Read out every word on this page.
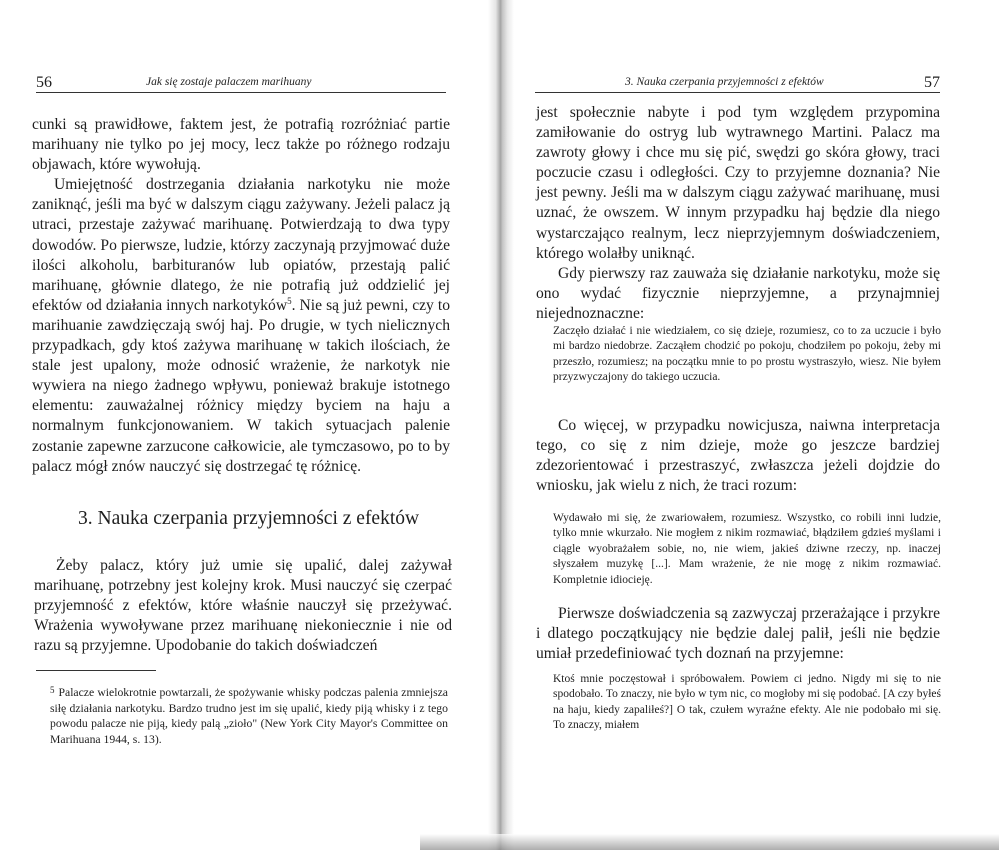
56	Jak się zostaje palaczem marihuany

cunki są prawidłowe, faktem jest, że potrafią rozróżniać partie marihuany nie tylko po jej mocy, lecz także po różnego rodzaju objawach, które wywołują.

Umiejętność dostrzegania działania narkotyku nie może zaniknąć, jeśli ma być w dalszym ciągu zażywany. Jeżeli palacz ją utraci, przestaje zażywać marihuanę. Potwierdzają to dwa typy dowodów. Po pierwsze, ludzie, którzy zaczynają przyjmować duże ilości alkoholu, barbituranów lub opiatów, przestają palić marihuanę, głównie dlatego, że nie potrafią już oddzielić jej efektów od działania innych narkotyków$^5$. Nie są już pewni, czy to marihuanie zawdzięczają swój haj. Po drugie, w tych nielicznych przypadkach, gdy ktoś zażywa marihuanę w takich ilościach, że stale jest upalony, może odnosić wrażenie, że narkotyk nie wywiera na niego żadnego wpływu, ponieważ brakuje istotnego elementu: zauważalnej różnicy między byciem na haju a normalnym funkcjonowaniem. W takich sytuacjach palenie zostanie zapewne zarzucone całkowicie, ale tymczasowo, po to by palacz mógł znów nauczyć się dostrzegać tę różnicę.

3. Nauka czerpania przyjemności z efektów

Żeby palacz, który już umie się upalić, dalej zażywał marihuanę, potrzebny jest kolejny krok. Musi nauczyć się czerpać przyjemność z efektów, które właśnie nauczył się przeżywać. Wrażenia wywoływane przez marihuanę niekoniecznie i nie od razu są przyjemne. Upodobanie do takich doświadczeń

$^5$ Palacze wielokrotnie powtarzali, że spożywanie whisky podczas palenia zmniejsza siłę działania narkotyku. Bardzo trudno jest im się upalić, kiedy piją whisky i z tego powodu palacze nie piją, kiedy palą „zioło" (New York City Mayor's Committee on Marihuana 1944, s. 13).

3. Nauka czerpania przyjemności z efektów	57

jest społecznie nabyte i pod tym względem przypomina zamiłowanie do ostryg lub wytrawnego Martini. Palacz ma zawroty głowy i chce mu się pić, swędzi go skóra głowy, traci poczucie czasu i odległości. Czy to przyjemne doznania? Nie jest pewny. Jeśli ma w dalszym ciągu zażywać marihuanę, musi uznać, że owszem. W innym przypadku haj będzie dla niego wystarczająco realnym, lecz nieprzyjemnym doświadczeniem, którego wolałby uniknąć.

Gdy pierwszy raz zauważa się działanie narkotyku, może się ono wydać fizycznie nieprzyjemne, a przynajmniej niejednoznaczne:

Zaczęło działać i nie wiedziałem, co się dzieje, rozumiesz, co to za uczucie i było mi bardzo niedobrze. Zacząłem chodzić po pokoju, chodziłem po pokoju, żeby mi przeszło, rozumiesz; na początku mnie to po prostu wystraszyło, wiesz. Nie byłem przyzwyczajony do takiego uczucia.

Co więcej, w przypadku nowicjusza, naiwna interpretacja tego, co się z nim dzieje, może go jeszcze bardziej zdezorientować i przestraszyć, zwłaszcza jeżeli dojdzie do wniosku, jak wielu z nich, że traci rozum:

Wydawało mi się, że zwariowałem, rozumiesz. Wszystko, co robili inni ludzie, tylko mnie wkurzało. Nie mogłem z nikim rozmawiać, błądziłem gdzieś myślami i ciągle wyobrażałem sobie, no, nie wiem, jakieś dziwne rzeczy, np. inaczej słyszałem muzykę [...]. Mam wrażenie, że nie mogę z nikim rozmawiać. Kompletnie idiocieję.

Pierwsze doświadczenia są zazwyczaj przerażające i przykre i dlatego początkujący nie będzie dalej palił, jeśli nie będzie umiał przedefiniować tych doznań na przyjemne:

Ktoś mnie poczęstował i spróbowałem. Powiem ci jedno. Nigdy mi się to nie spodobało. To znaczy, nie było w tym nic, co mogłoby mi się podobać. [A czy byłeś na haju, kiedy zapaliłeś?] O tak, czułem wyraźne efekty. Ale nie podobało mi się. To znaczy, miałem
